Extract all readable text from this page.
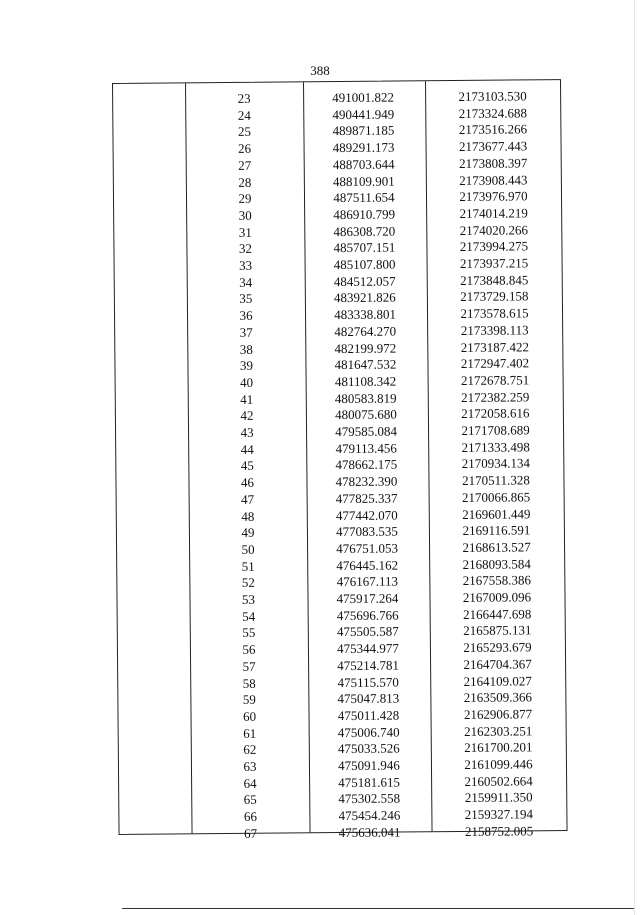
388
23	491001.822	2173103.530
24	490441.949	2173324.688
25	489871.185	2173516.266
26	489291.173	2173677.443
27	488703.644	2173808.397
28	488109.901	2173908.443
29	487511.654	2173976.970
30	486910.799	2174014.219
31	486308.720	2174020.266
32	485707.151	2173994.275
33	485107.800	2173937.215
34	484512.057	2173848.845
35	483921.826	2173729.158
36	483338.801	2173578.615
37	482764.270	2173398.113
38	482199.972	2173187.422
39	481647.532	2172947.402
40	481108.342	2172678.751
41	480583.819	2172382.259
42	480075.680	2172058.616
43	479585.084	2171708.689
44	479113.456	2171333.498
45	478662.175	2170934.134
46	478232.390	2170511.328
47	477825.337	2170066.865
48	477442.070	2169601.449
49	477083.535	2169116.591
50	476751.053	2168613.527
51	476445.162	2168093.584
52	476167.113	2167558.386
53	475917.264	2167009.096
54	475696.766	2166447.698
55	475505.587	2165875.131
56	475344.977	2165293.679
57	475214.781	2164704.367
58	475115.570	2164109.027
59	475047.813	2163509.366
60	475011.428	2162906.877
61	475006.740	2162303.251
62	475033.526	2161700.201
63	475091.946	2161099.446
64	475181.615	2160502.664
65	475302.558	2159911.350
66	475454.246	2159327.194
67	475636.041	2158752.005
